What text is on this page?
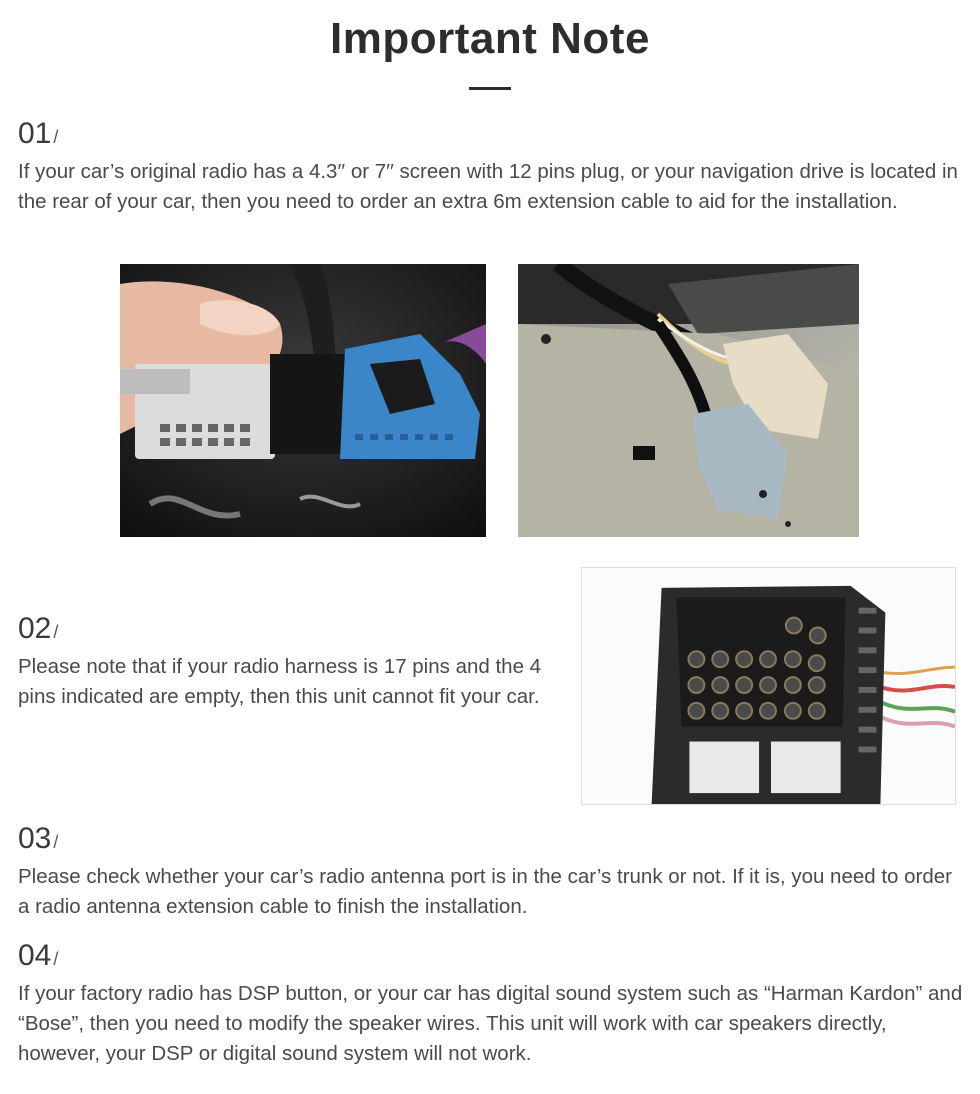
Important Note
01 /
If your car’s original radio has a 4.3′′ or 7′′ screen with 12 pins plug, or your navigation drive is located in the rear of your car, then you need to order an extra 6m extension cable to aid for the installation.
02 /
Please note that if your radio harness is 17 pins and the 4 pins indicated are empty, then this unit cannot fit your car.
03 /
Please check whether your car’s radio antenna port is in the car’s trunk or not. If it is, you need to order a radio antenna extension cable to finish the installation.
04 /
If your factory radio has DSP button, or your car has digital sound system such as “Harman Kardon” and “Bose”, then you need to modify the speaker wires. This unit will work with car speakers directly, however, your DSP or digital sound system will not work.
